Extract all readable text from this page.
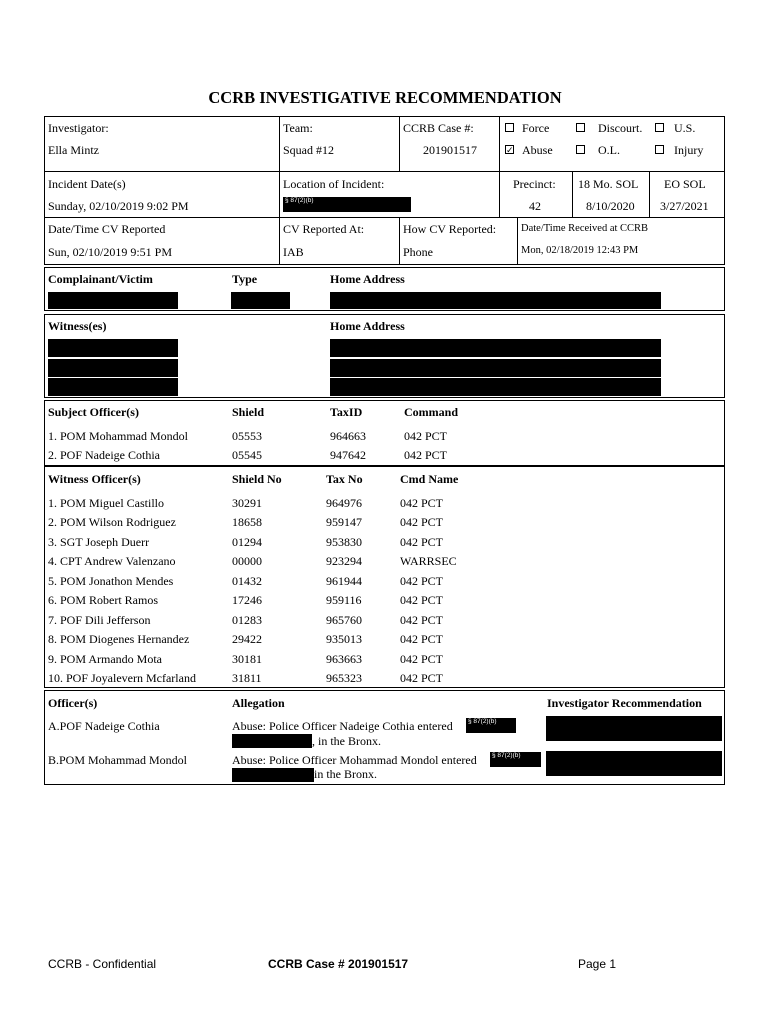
CCRB INVESTIGATIVE RECOMMENDATION
Investigator:
Ella Mintz
Team:
Squad #12
CCRB Case #:
201901517
Force	Discourt.	U.S.
✓ Abuse	O.L.	Injury
Incident Date(s)
Sunday, 02/10/2019 9:02 PM
Location of Incident:
§ 87(2)(b)
Precinct:
42
18 Mo. SOL
8/10/2020
EO SOL
3/27/2021
Date/Time CV Reported
Sun, 02/10/2019 9:51 PM
CV Reported At:
IAB
How CV Reported:
Phone
Date/Time Received at CCRB
Mon, 02/18/2019 12:43 PM
Complainant/Victim	Type	Home Address
Witness(es)	Home Address
Subject Officer(s)	Shield	TaxID	Command
1. POM Mohammad Mondol	05553	964663	042 PCT
2. POF Nadeige Cothia	05545	947642	042 PCT
Witness Officer(s)	Shield No	Tax No	Cmd Name
1. POM Miguel Castillo	30291	964976	042 PCT
2. POM Wilson Rodriguez	18658	959147	042 PCT
3. SGT Joseph Duerr	01294	953830	042 PCT
4. CPT Andrew Valenzano	00000	923294	WARRSEC
5. POM Jonathon Mendes	01432	961944	042 PCT
6. POM Robert Ramos	17246	959116	042 PCT
7. POF Dili Jefferson	01283	965760	042 PCT
8. POM Diogenes Hernandez	29422	935013	042 PCT
9. POM Armando Mota	30181	963663	042 PCT
10. POF Joyalevern Mcfarland	31811	965323	042 PCT
Officer(s)	Allegation	Investigator Recommendation
A.POF Nadeige Cothia	Abuse: Police Officer Nadeige Cothia entered § 87(2)(b)
, in the Bronx.
B.POM Mohammad Mondol	Abuse: Police Officer Mohammad Mondol entered § 87(2)(b)
in the Bronx.
CCRB - Confidential	CCRB Case # 201901517	Page 1
